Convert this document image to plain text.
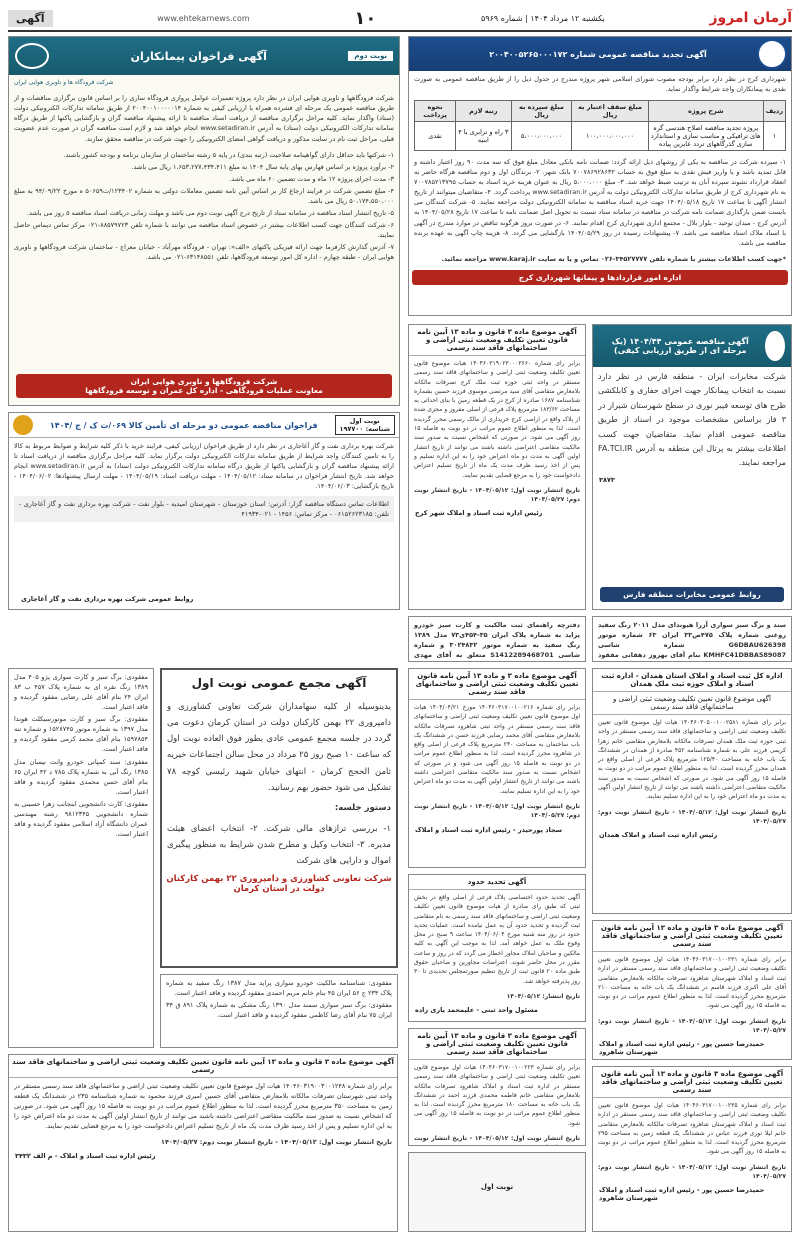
آرمان امروز
یکشنبه ۱۲ مرداد ۱۴۰۴ | شماره ۵۹۶۹
۱۰
www.ehtekarnews.com
آگهی
آگهی تجدید مناقصه عمومی شماره ۲۰۰۴۰۰۵۲۶۵۰۰۰۱۷۲
شهرداری کرج در نظر دارد برابر بودجه مصوب شورای اسلامی شهر پروژه مندرج در جدول ذیل را از طریق مناقصه عمومی به صورت نقدی به پیمانکاران واجد شرایط واگذار نماید.
ردیف	شرح پروژه	مبلغ سقف اعتبار به ریال	مبلغ سپرده به ریال	رتبه لازم	نحوه پرداخت
۱	پروژه تجدید مناقصه اصلاح هندسی گره های ترافیکی و مناسب سازی و استاندارد سازی گذرگاههای تردد عابرین پیاده	۱۰۰،۰۰۰،۰۰۰،۰۰۰	۵،۰۰۰،۰۰۰،۰۰۰	۳ راه و ترابری یا ۴ ابنیه	نقدی
۱- سپرده شرکت در مناقصه به یکی از روشهای ذیل ارائه گردد: ضمانت نامه بانکی معادل مبلغ فوق که سه مدت ۹۰ روز اعتبار داشته و قابل تمدید باشد و یا واریز فیش نقدی به مبلغ فوق به حساب ۷۰۰۷۸۶۹۲۸۶۳۲ بانک شهر. ۲- برندگان اول و دوم مناقصه هرگاه حاضر به انعقاد قرارداد نشوند سپرده آنان به ترتیب ضبط خواهد شد. ۳- مبلغ ۵،۰۰۰،۰۰۰ ریال به عنوان هزینه خرید اسناد به حساب ۷۰۰۷۸۵۲۱۳۷۹۵ به نام شهرداری کرج از طریق سامانه تدارکات الکترونیکی دولت به آدرس www.setadiran.ir پرداخت گردد. ۴- متقاضیان میتوانند از تاریخ انتشار آگهی تا ساعت ۱۷ تاریخ ۱۴۰۴/۰۵/۱۸ جهت خرید اسناد مناقصه به سامانه الکترونیکی دولت مراجعه نمایند. ۵- شرکت کنندگان می بایست ضمن بارگذاری ضمانت نامه شرکت در مناقصه در سامانه ستاد نسبت به تحویل اصل ضمانت نامه تا ساعت ۱۷ تاریخ ۱۴۰۴/۰۵/۲۸ به آدرس کرج - میدان توحید - بلوار بلال - مجتمع اداری شهرداری کرج اقدام نمایند. ۶- در صورت بروز هرگونه تناقض در موارد مندرج در آگهی با اسناد ملاک اسناد مناقصه می باشد. ۷- پیشنهادات رسیده در روز ۱۴۰۴/۰۵/۲۹ بازگشایی می گردد. ۸- هزینه چاپ آگهی به عهده برنده مناقصه می باشد.
*جهت کسب اطلاعات بیشتر با شماره تلفن ۳۴۵۲۷۷۷۷-۰۲۶ تماس و یا به سایت www.karaj.ir مراجعه نمائید.
اداره امور قراردادها و پیمانها شهرداری کرج
نوبت دوم
آگهی فراخوان پیمانکاران
شرکت فرودگاه ها و ناوبری هوایی ایران
شرکت فرودگاهها و ناوبری هوایی ایران در نظر دارد پروژه تعمیرات عوامل پروازی فرودگاه ساری را بر اساس قانون برگزاری مناقصات و از طریق مناقصه عمومی یک مرحله ای فشرده همراه با ارزیابی کیفی به شماره ۲۰۰۴۰۰۱۰۰۰۰۰۱۴ از طریق سامانه تدارکات الکترونیکی دولت (ستاد) واگذار نماید. کلیه مراحل برگزاری مناقصه از دریافت اسناد مناقصه تا ارائه پیشنهاد مناقصه گران و بازگشایی پاکتها از طریق درگاه سامانه تدارکات الکترونیکی دولت (ستاد) به آدرس www.setadiran.ir انجام خواهد شد و لازم است مناقصه گران در صورت عدم عضویت قبلی، مراحل ثبت نام در سایت مذکور و دریافت گواهی امضای الکترونیکی را جهت شرکت در مناقصه محقق سازند.

۱- شرکتها باید حداقل دارای گواهینامه صلاحیت (رتبه بندی) در پایه ۵ رشته ساختمان از سازمان برنامه و بودجه کشور باشند.

۲- برآورد پروژه بر اساس فهارس بهای پایه سال ۱۴۰۴ به مبلغ ۱،۶۵۳،۲۷۷،۴۳۴،۴۱۱ ریال می باشد.

۳- مدت اجرای پروژه ۱۲ ماه و مدت تضمین ۶۰ ماه می باشد.

۴- مبلغ تضمین شرکت در فرایند ارجاع کار بر اساس آیین نامه تضمین معاملات دولتی به شماره ۱۲۳۴۰۲/ت۵۰۶۵۹ ه مورخ ۹۴/۰۹/۲۲ به مبلغ ۵۰،۱۷۴،۵۵۰،۰۰۰ ریال می باشد.

۵- تاریخ انتشار اسناد مناقصه در سامانه ستاد از تاریخ درج آگهی نوبت دوم می باشد و مهلت زمانی دریافت اسناد مناقصه ۵ روز می باشد.

۶- شرکت کنندگان جهت کسب اطلاعات بیشتر در خصوص اسناد مناقصه می توانند با شماره تلفن ۸۸۵۷۹۷۲۳-۰۲۱ مرکز تماس دیماس حاصل نمایند.

۷- آدرس گذارش کارفرما جهت ارائه فیزیکی پاکتهای «الف»: تهران - فرودگاه مهرآباد - خیابان معراج - ساختمان شرکت فرودگاهها و ناوبری هوایی ایران - طبقه چهارم - اداره کل امور توسعه فرودگاهها، تلفن ۶۳۱۴۸۵۵۱-۰۲۱ می باشد.

شرکت فرودگاهها و ناوبری هوایی ایران
معاونت عملیات فرودگاهی - اداره کل عمران و توسعه فرودگاهها
آگهی مناقصه عمومی ۱۴۰۴/۴۴ (یک مرحله ای از طریق ارزیابی کیفی)
شرکت مخابرات ایران - منطقه فارس در نظر دارد نسبت به انتخاب پیمانکار جهت اجرای حفاری و کابلکشی طرح های توسعه فیبر نوری در سطح شهرستان شیراز در ۳ فاز براساس مشخصات موجود در اسناد از طریق مناقصه عمومی اقدام نماید. متقاضیان جهت کسب اطلاعات بیشتر به پرتال این منطقه به آدرس FA.TCI.IR مراجعه نمایند.
۳۸۷۳
روابط عمومی مخابرات منطقه فارس
آگهی موضوع ماده ۳ قانون و ماده ۱۳ آیین نامه قانون تعیین تکلیف وضعیت ثبتی اراضی و ساختمانهای فاقد سند رسمی
برابر رای شماره ۱۴۰۴۶۰۳۱۹۰۲۳۰۰۰۳۶۶۰ هیات موضوع قانون تعیین تکلیف وضعیت ثبتی اراضی و ساختمانهای فاقد سند رسمی مستقر در واحد ثبتی حوزه ثبت ملک کرج تصرفات مالکانه بلامعارض متقاضی آقای سید مرتضی موسوی فرزند حسین بشماره شناسنامه ۱۶۸۷ صادره از کرج در یک قطعه زمین با بنای احداثی به مساحت ۱۸۳/۶۲ مترمربع پلاک فرعی از اصلی مفروز و مجزی شده از پلاک واقع در اراضی کرج خریداری از مالک رسمی محرز گردیده است. لذا به منظور اطلاع عموم مراتب در دو نوبت به فاصله ۱۵ روز آگهی می شود. در صورتی که اشخاص نسبت به صدور سند مالکیت متقاضی اعتراضی داشته باشند می توانند از تاریخ انتشار اولین آگهی به مدت دو ماه اعتراض خود را به این اداره تسلیم و پس از اخذ رسید ظرف مدت یک ماه از تاریخ تسلیم اعتراض دادخواست خود را به مرجع قضایی تقدیم نمایند.
تاریخ انتشار نوبت اول: ۱۴۰۴/۰۵/۱۲ - تاریخ انتشار نوبت دوم: ۱۴۰۴/۰۵/۲۷
رئیس اداره ثبت اسناد و املاک شهر کرج
نوبت اول
شناسه: ۱۹۷۷۰۰
فراخوان مناقصه عمومی دو مرحله ای تأمین کالا ۰۶۹/ت ک / ج /۱۴۰۴
شرکت بهره برداری نفت و گاز آغاجاری در نظر دارد از طریق فراخوان ارزیابی کیفی، فرایند خرید با ذکر کلیه شرایط و ضوابط مربوط به کالا را به تامین کنندگان واجد شرایط از طریق سامانه تدارکات الکترونیکی دولت برگزار نماید. کلیه مراحل برگزاری مناقصه از دریافت اسناد تا ارائه پیشنهاد مناقصه گران و بازگشایی پاکتها از طریق درگاه سامانه تدارکات الکترونیکی دولت (ستاد) به آدرس www.setadiran.ir انجام خواهد شد. تاریخ انتشار فراخوان در سامانه ستاد: ۱۴۰۴/۰۵/۱۲ - مهلت دریافت اسناد: ۱۴۰۴/۰۵/۱۹ - مهلت ارسال پیشنهادها: ۱۴۰۴/۰۶/۰۲ - تاریخ بازگشایی: ۱۴۰۴/۰۶/۰۳.
اطلاعات تماس دستگاه مناقصه گزار: آدرس: استان خوزستان - شهرستان امیدیه - بلوار نفت - شرکت بهره برداری نفت و گاز آغاجاری - تلفن: ۰۶۱۵۲۶۲۳۱۸۵ - مرکز تماس: ۱۴۵۶ - ۰۲۱-۴۱۹۳۴
روابط عمومی شرکت بهره برداری نفت و گاز آغاجاری
سند و برگ سبز سواری آزرا هیوندای مدل ۲۰۱۱ رنگ سفید روغنی شماره پلاک ۴۷۵ص۳۳ ایران ۶۳ شماره موتور G6DBAU626398 شماره شاسی KMHFC41DBBA589087 بنام آقای بهروز دهقانی مفقود
دفترچه راهنمای ثبت مالکیت و کارت سبز خودرو پراید به شماره پلاک ایران ۳۵-۴۵۴ی۷۳ مدل ۱۳۸۹ رنگ سفید به شماره موتور ۳۰۲۴۸۳۲ و شماره شاسی S1412289468701 متعلق به آقای مهدی
اداره کل ثبت اسناد و املاک استان همدان - اداره ثبت اسناد و املاک حوزه ثبت ملک همدان
آگهی موضوع قانون تعیین تکلیف وضعیت ثبتی اراضی و ساختمانهای فاقد سند رسمی
برابر رای شماره ۱۴۰۴۶۰۳۰۵۰۰۱۰۰۲۵۸۱ هیات اول موضوع قانون تعیین تکلیف وضعیت ثبتی اراضی و ساختمانهای فاقد سند رسمی مستقر در واحد ثبتی حوزه ثبت ملک همدان تصرفات مالکانه بلامعارض متقاضی خانم زهرا کریمی فرزند علی به شماره شناسنامه ۴۵۲ صادره از همدان در ششدانگ یک باب خانه به مساحت ۱۲۵/۴۰ مترمربع پلاک فرعی از اصلی واقع در همدان محرز گردیده است. لذا به منظور اطلاع عموم مراتب در دو نوبت به فاصله ۱۵ روز آگهی می شود. در صورتی که اشخاص نسبت به صدور سند مالکیت متقاضی اعتراضی داشته باشند می توانند از تاریخ انتشار اولین آگهی به مدت دو ماه اعتراض خود را به این اداره تسلیم نمایند.
تاریخ انتشار نوبت اول: ۱۴۰۴/۰۵/۱۲ - تاریخ انتشار نوبت دوم: ۱۴۰۴/۰۵/۲۷
رئیس اداره ثبت اسناد و املاک همدان
آگهی موضوع ماده ۳ و ماده ۱۳ آیین نامه قانون تعیین تکلیف وضعیت ثبتی اراضی و ساختمانهای فاقد سند رسمی
برابر رای شماره ۱۴۰۴۶۰۳۱۷۰۰۱۰۰۲۱۶ مورخ ۱۴۰۴/۰۴/۲۱ هیات اول موضوع قانون تعیین تکلیف وضعیت ثبتی اراضی و ساختمانهای فاقد سند رسمی مستقر در واحد ثبتی شاهرود تصرفات مالکانه بلامعارض متقاضی آقای محمد رضایی فرزند حسن در ششدانگ یک باب ساختمان به مساحت ۲۴۰ مترمربع پلاک فرعی از اصلی واقع در شاهرود محرز گردیده است. لذا به منظور اطلاع عموم مراتب در دو نوبت به فاصله ۱۵ روز آگهی می شود و در صورتی که اشخاص نسبت به صدور سند مالکیت متقاضی اعتراضی داشته باشند می توانند از تاریخ انتشار اولین آگهی به مدت دو ماه اعتراض خود را به این اداره تسلیم نمایند.
تاریخ انتشار نوبت اول: ۱۴۰۴/۰۵/۱۲ - تاریخ انتشار نوبت دوم: ۱۴۰۴/۰۵/۲۷
سجاد پورحیدر - رئیس اداره ثبت اسناد و املاک
آگهی مجمع عمومی نوبت اول
بدینوسیله از کلیه سهامداران شرکت تعاونی کشاورزی و دامپروری ۲۲ بهمن کارکنان دولت در استان کرمان دعوت می گردد در جلسه مجمع عمومی عادی بطور فوق العاده نوبت اول که ساعت ۱۰ صبح روز ۲۵ مرداد در محل سالن اجتماعات خیریه ثامن الحجج کرمان - انتهای خیابان شهید رئیسی کوچه ۷۸ تشکیل می شود حضور بهم رسانید.
دستور جلسه:
۱- بررسی ترازهای مالی شرکت. ۲- انتخاب اعضای هیئت مدیره. ۳- انتخاب وکیل و مطرح شدن شرایط به منظور پیگیری اموال و دارایی های شرکت
شرکت تعاونی کشاورزی و دامپروری ۲۲ بهمن کارکنان دولت در استان کرمان

مفقودی: برگ سبز و کارت سواری پژو ۴۰۵ مدل ۱۳۸۹ رنگ نقره ای به شماره پلاک ۴۵۷ ب ۸۳ ایران ۲۴ بنام آقای علی رضایی مفقود گردیده و فاقد اعتبار است.

مفقودی: برگ سبز و کارت موتورسیکلت هوندا مدل ۱۳۹۷ به شماره موتور ۱۵۲۸۷۴۵ و شماره تنه ۱۵۹۷۸۵۴ بنام آقای محمد کرمی مفقود گردیده و فاقد اعتبار است.

مفقودی: سند کمپانی خودرو وانت نیسان مدل ۱۳۸۵ رنگ آبی به شماره پلاک ۷۸۵ د ۴۲ ایران ۶۵ بنام آقای حسن محمدی مفقود گردیده و فاقد اعتبار است.

مفقودی: کارت دانشجویی اینجانب زهرا حسینی به شماره دانشجویی ۹۸۱۲۳۴۵ رشته مهندسی عمران دانشگاه آزاد اسلامی مفقود گردیده و فاقد اعتبار است.

آگهی تحدید حدود
آگهی تحدید حدود اختصاصی پلاک فرعی از اصلی واقع در بخش ثبتی که طبق رای صادره از هیات موضوع قانون تعیین تکلیف وضعیت ثبتی اراضی و ساختمانهای فاقد سند رسمی به نام متقاضی ثبت گردیده و تحدید حدود آن به عمل نیامده است. عملیات تحدید حدود در روز سه شنبه مورخ ۱۴۰۴/۰۶/۰۴ ساعت ۹ صبح در محل وقوع ملک به عمل خواهد آمد. لذا به موجب این آگهی به کلیه مالکین و صاحبان املاک مجاور اخطار می گردد که در روز و ساعت مقرر در محل حاضر شوند. اعتراضات مجاورین و صاحبان حقوق طبق ماده ۲۰ قانون ثبت از تاریخ تنظیم صورتمجلس تحدیدی تا ۳۰ روز پذیرفته خواهد شد.
تاریخ انتشار: ۱۴۰۴/۰۵/۱۲
مسئول واحد ثبتی - علیمحمد یاری زاده
آگهی موضوع ماده ۳ قانون و ماده ۱۳ آیین نامه قانون تعیین تکلیف وضعیت ثبتی اراضی و ساختمانهای فاقد سند رسمی
برابر رای شماره ۱۴۰۴۶۰۳۱۷۰۰۱۰۰۲۳۱ هیات اول موضوع قانون تعیین تکلیف وضعیت ثبتی اراضی و ساختمانهای فاقد سند رسمی مستقر در اداره ثبت اسناد و املاک شهرستان شاهرود تصرفات مالکانه بلامعارض متقاضی آقای علی اکبری فرزند قاسم در ششدانگ یک باب خانه به مساحت ۲۱۰ مترمربع محرز گردیده است. لذا به منظور اطلاع عموم مراتب در دو نوبت به فاصله ۱۵ روز آگهی می شود.
تاریخ انتشار نوبت اول: ۱۴۰۴/۰۵/۱۲ - تاریخ انتشار نوبت دوم: ۱۴۰۴/۰۵/۲۷
حمیدرضا حسین پور - رئیس اداره ثبت اسناد و املاک شهرستان شاهرود

مفقودی: شناسنامه مالکیت خودرو سواری پراید مدل ۱۳۸۷ رنگ سفید به شماره پلاک ۲۳۴ ج ۵۶ ایران ۴۵ بنام خانم مریم احمدی مفقود گردیده و فاقد اعتبار است.

مفقودی: برگ سبز سواری سمند مدل ۱۳۹۰ رنگ مشکی به شماره پلاک ۸۹۱ ق ۳۴ ایران ۷۵ بنام آقای رضا کاظمی مفقود گردیده و فاقد اعتبار است.

آگهی موضوع ماده ۳ قانون و ماده ۱۳ آیین نامه قانون تعیین تکلیف وضعیت ثبتی اراضی و ساختمانهای فاقد سند رسمی
برابر رای شماره ۱۴۰۴۶۰۳۱۷۰۰۱۰۰۲۲۳ هیات اول موضوع قانون تعیین تکلیف وضعیت ثبتی اراضی و ساختمانهای فاقد سند رسمی مستقر در اداره ثبت اسناد و املاک شاهرود تصرفات مالکانه بلامعارض متقاضی خانم فاطمه محمدی فرزند احمد در ششدانگ یک باب خانه به مساحت ۱۸۰ مترمربع محرز گردیده است. لذا به منظور اطلاع عموم مراتب در دو نوبت به فاصله ۱۵ روز آگهی می شود.
تاریخ انتشار نوبت اول: ۱۴۰۴/۰۵/۱۲ - تاریخ انتشار نوبت
آگهی موضوع ماده ۳ قانون و ماده ۱۳ آیین نامه قانون تعیین تکلیف وضعیت ثبتی اراضی و ساختمانهای فاقد سند رسمی
برابر رای شماره ۱۴۰۴۶۰۳۱۹۰۰۳۰۰۱۲۴۸ هیات اول موضوع قانون تعیین تکلیف وضعیت ثبتی اراضی و ساختمانهای فاقد سند رسمی مستقر در واحد ثبتی شهرستان تصرفات مالکانه بلامعارض متقاضی آقای حسین امیری فرزند محمود به شماره شناسنامه ۲۳۵ در ششدانگ یک قطعه زمین به مساحت ۳۵۰ مترمربع محرز گردیده است. لذا به منظور اطلاع عموم مراتب در دو نوبت به فاصله ۱۵ روز آگهی می شود. در صورتی که اشخاص نسبت به صدور سند مالکیت متقاضی اعتراضی داشته باشند می توانند از تاریخ انتشار اولین آگهی به مدت دو ماه اعتراض خود را به این اداره تسلیم و پس از اخذ رسید ظرف مدت یک ماه از تاریخ تسلیم اعتراض دادخواست خود را به مرجع قضایی تقدیم نمایند.
تاریخ انتشار نوبت اول: ۱۴۰۴/۰۵/۱۲ - تاریخ انتشار نوبت دوم: ۱۴۰۴/۰۵/۲۷
رئیس اداره ثبت اسناد و املاک - م الف ۳۴۳۲
آگهی موضوع ماده ۳ قانون و ماده ۱۳ آیین نامه قانون تعیین تکلیف وضعیت ثبتی اراضی و ساختمانهای فاقد سند رسمی
برابر رای شماره ۱۴۰۴۶۰۳۱۷۰۰۱۰۰۲۳۵ هیات اول موضوع قانون تعیین تکلیف وضعیت ثبتی اراضی و ساختمانهای فاقد سند رسمی مستقر در اداره ثبت اسناد و املاک شهرستان شاهرود تصرفات مالکانه بلامعارض متقاضی خانم لیلا نوری فرزند عباس در ششدانگ یک قطعه زمین به مساحت ۲۹۵ مترمربع محرز گردیده است. لذا به منظور اطلاع عموم مراتب در دو نوبت به فاصله ۱۵ روز آگهی می شود.
تاریخ انتشار نوبت اول: ۱۴۰۴/۰۵/۱۲ - تاریخ انتشار نوبت دوم: ۱۴۰۴/۰۵/۲۷
حمیدرضا حسین پور - رئیس اداره ثبت اسناد و املاک شهرستان شاهرود
نوبت اول
